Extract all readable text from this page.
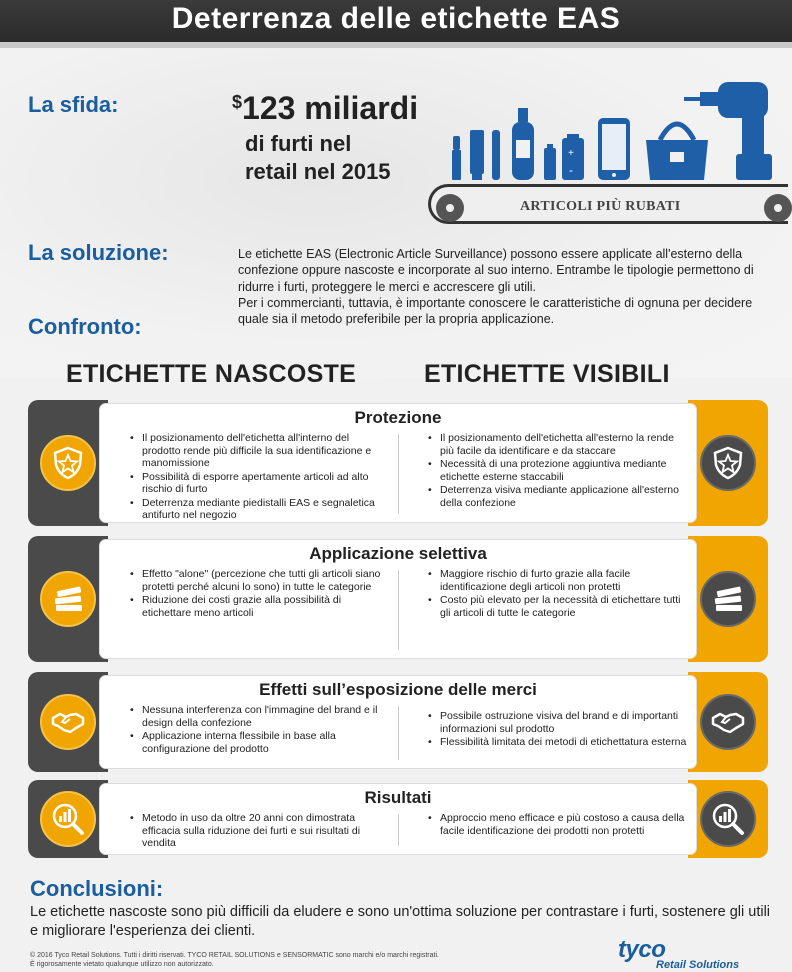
Deterrenza delle etichette EAS
La sfida:	$123 miliardi
di furti nel
retail nel 2015
+
-
ARTICOLI PIÙ RUBATI
La soluzione:	Le etichette EAS (Electronic Article Surveillance) possono essere applicate all'esterno della confezione oppure nascoste e incorporate al suo interno. Entrambe le tipologie permettono di ridurre i furti, proteggere le merci e accrescere gli utili.
Per i commercianti, tuttavia, è importante conoscere le caratteristiche di ognuna per decidere quale sia il metodo preferibile per la propria applicazione.
Confronto:
ETICHETTE NASCOSTE	ETICHETTE VISIBILI
Protezione
• Il posizionamento dell'etichetta all'interno del prodotto rende più difficile la sua identificazione e manomissione
• Possibilità di esporre apertamente articoli ad alto rischio di furto
• Deterrenza mediante piedistalli EAS e segnaletica antifurto nel negozio
• Il posizionamento dell'etichetta all'esterno la rende più facile da identificare e da staccare
• Necessità di una protezione aggiuntiva mediante etichette esterne staccabili
• Deterrenza visiva mediante applicazione all'esterno della confezione
Applicazione selettiva
• Effetto "alone" (percezione che tutti gli articoli siano protetti perché alcuni lo sono) in tutte le categorie
• Riduzione dei costi grazie alla possibilità di etichettare meno articoli
• Maggiore rischio di furto grazie alla facile identificazione degli articoli non protetti
• Costo più elevato per la necessità di etichettare tutti gli articoli di tutte le categorie
Effetti sull’esposizione delle merci
• Nessuna interferenza con l'immagine del brand e il design della confezione
• Applicazione interna flessibile in base alla configurazione del prodotto
• Possibile ostruzione visiva del brand e di importanti informazioni sul prodotto
• Flessibilità limitata dei metodi di etichettatura esterna
Risultati
• Metodo in uso da oltre 20 anni con dimostrata efficacia sulla riduzione dei furti e sui risultati di vendita
• Approccio meno efficace e più costoso a causa della facile identificazione dei prodotti non protetti
Conclusioni:
Le etichette nascoste sono più difficili da eludere e sono un'ottima soluzione per contrastare i furti, sostenere gli utili e migliorare l'esperienza dei clienti.
© 2016 Tyco Retail Solutions. Tutti i diritti riservati. TYCO RETAIL SOLUTIONS e SENSORMATIC sono marchi e/o marchi registrati.
È rigorosamente vietato qualunque utilizzo non autorizzato.
tyco
Retail Solutions
